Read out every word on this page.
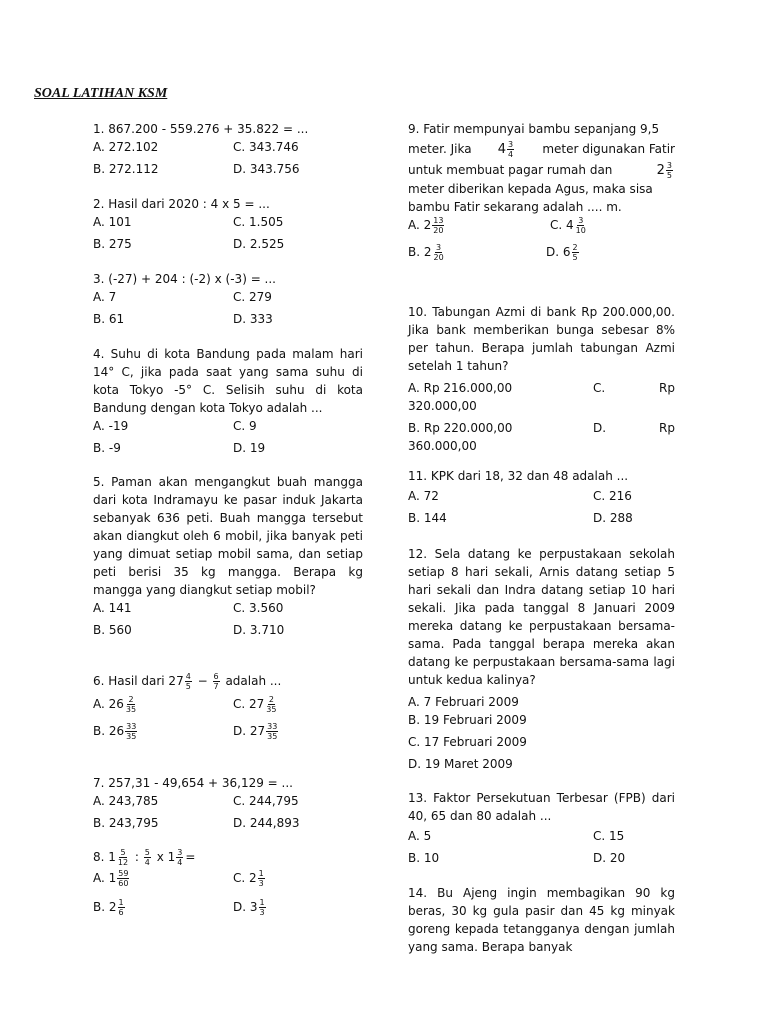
SOAL LATIHAN KSM
1. 867.200 - 559.276 + 35.822 = ...
A. 272.102	C. 343.746
B. 272.112	D. 343.756
2. Hasil dari 2020 : 4 x 5 = ...
A. 101	C. 1.505
B. 275	D. 2.525
3. (-27) + 204 : (-2) x (-3) = ...
A. 7	C. 279
B. 61	D. 333
4. Suhu di kota Bandung pada malam hari 14° C, jika pada saat yang sama suhu di kota Tokyo -5° C. Selisih suhu di kota Bandung dengan kota Tokyo adalah ...
A. -19	C. 9
B. -9	D. 19
5. Paman akan mengangkut buah mangga dari kota Indramayu ke pasar induk Jakarta sebanyak 636 peti. Buah mangga tersebut akan diangkut oleh 6 mobil, jika banyak peti yang dimuat setiap mobil sama, dan setiap peti berisi 35 kg mangga. Berapa kg mangga yang diangkut setiap mobil?
A. 141	C. 3.560
B. 560	D. 3.710
6. Hasil dari $27 \frac{4}{5} - \frac{6}{7}$ adalah ...
A. $26 \frac{2}{35}$	C. $27 \frac{2}{35}$
B. $26 \frac{33}{35}$	D. $27 \frac{33}{35}$
7. 257,31 - 49,654 + 36,129 = ...
A. 243,785	C. 244,795
B. 243,795	D. 244,893
8. $1 \frac{5}{12}$ : $\frac{5}{4}$ x $1 \frac{3}{4}$ =
A. $1 \frac{59}{60}$	C. $2 \frac{1}{3}$
B. $2 \frac{1}{6}$	D. $3 \frac{1}{3}$
9. Fatir mempunyai bambu sepanjang 9,5
meter. Jika $4 \frac{3}{4}$ meter digunakan Fatir
untuk membuat pagar rumah dan	$2 \frac{3}{5}$
meter diberikan kepada Agus, maka sisa
bambu Fatir sekarang adalah .... m.
A. $2 \frac{13}{20}$	C. $4 \frac{3}{10}$
B. $2 \frac{3}{20}$	D. $6 \frac{2}{5}$
10. Tabungan Azmi di bank Rp 200.000,00. Jika bank memberikan bunga sebesar 8% per tahun. Berapa jumlah tabungan Azmi setelah 1 tahun?
A. Rp 216.000,00	C.	Rp
320.000,00
B. Rp 220.000,00	D.	Rp
360.000,00
11. KPK dari 18, 32 dan 48 adalah ...
A. 72	C. 216
B. 144	D. 288
12. Sela datang ke perpustakaan sekolah setiap 8 hari sekali, Arnis datang setiap 5 hari sekali dan Indra datang setiap 10 hari sekali. Jika pada tanggal 8 Januari 2009 mereka datang ke perpustakaan bersama-sama. Pada tanggal berapa mereka akan datang ke perpustakaan bersama-sama lagi untuk kedua kalinya?
A. 7 Februari 2009
B. 19 Februari 2009
C. 17 Februari 2009
D. 19 Maret 2009
13. Faktor Persekutuan Terbesar (FPB) dari 40, 65 dan 80 adalah ...
A. 5	C. 15
B. 10	D. 20
14. Bu Ajeng ingin membagikan 90 kg beras, 30 kg gula pasir dan 45 kg minyak goreng kepada tetangganya dengan jumlah yang sama. Berapa banyak
